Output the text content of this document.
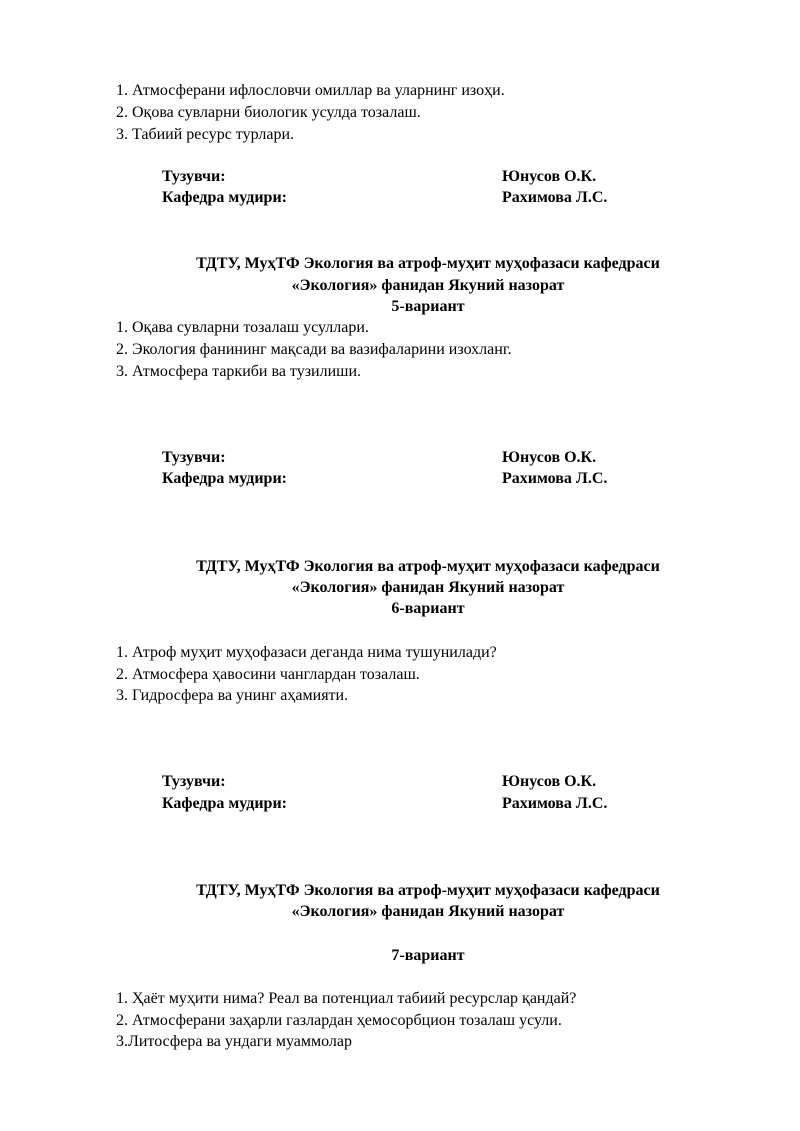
1. Атмосферани ифлословчи омиллар ва уларнинг изоҳи.
2. Оқова сувларни биологик усулда тозалаш.
3. Табиий ресурс турлари.
Тузувчи:	Юнусов О.К.
Кафедра мудири:	Рахимова Л.С.
ТДТУ, МуҳТФ Экология ва атроф-муҳит муҳофазаси кафедраси
«Экология» фанидан Якуний назорат
5-вариант
1. Оқава сувларни тозалаш усуллари.
2. Экология фанининг мақсади ва вазифаларини изохланг.
3. Атмосфера таркиби ва тузилиши.
Тузувчи:	Юнусов О.К.
Кафедра мудири:	Рахимова Л.С.
ТДТУ, МуҳТФ Экология ва атроф-муҳит муҳофазаси кафедраси
«Экология» фанидан Якуний назорат
6-вариант
1. Атроф муҳит муҳофазаси деганда нима тушунилади?
2. Атмосфера ҳавосини чанглардан тозалаш.
3. Гидросфера ва унинг аҳамияти.
Тузувчи:	Юнусов О.К.
Кафедра мудири:	Рахимова Л.С.
ТДТУ, МуҳТФ Экология ва атроф-муҳит муҳофазаси кафедраси
«Экология» фанидан Якуний назорат
7-вариант
1. Ҳаёт муҳити нима? Реал ва потенциал табиий ресурслар қандай?
2. Атмосферани заҳарли газлардан ҳемосорбцион тозалаш усули.
3.Литосфера ва ундаги муаммолар
